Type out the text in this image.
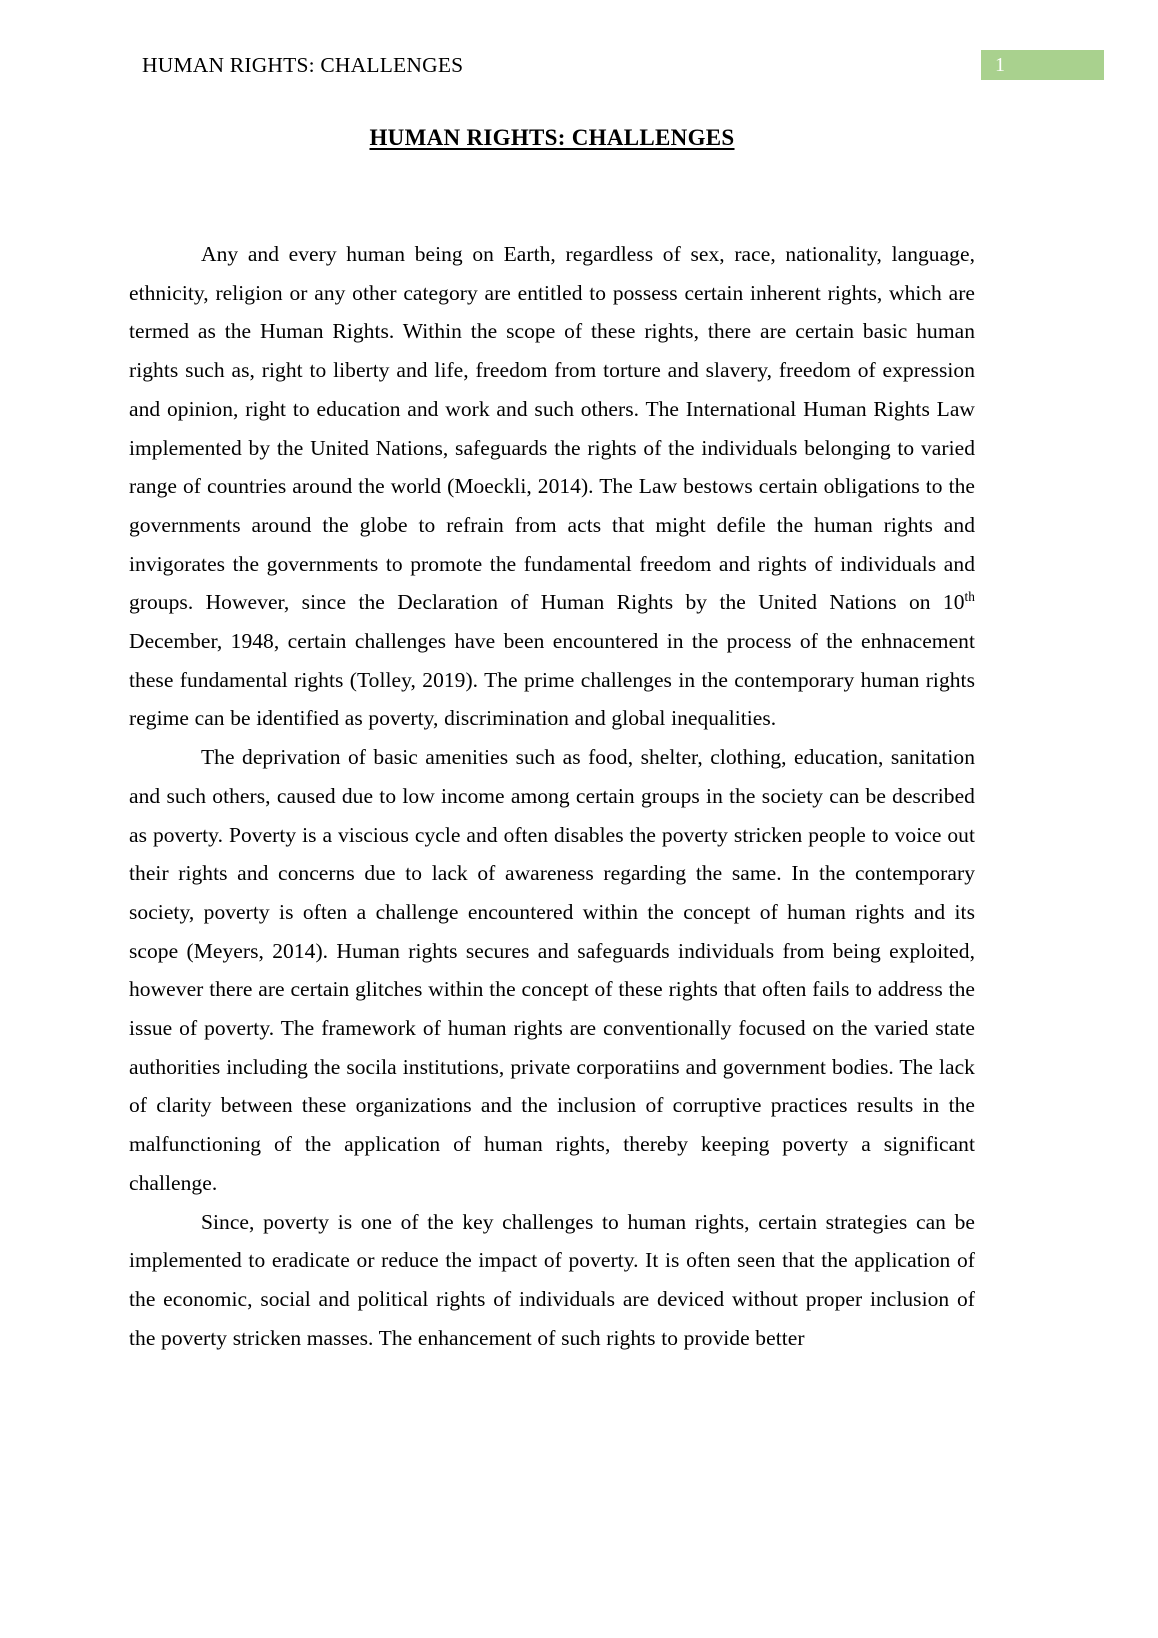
HUMAN RIGHTS: CHALLENGES	1
HUMAN RIGHTS: CHALLENGES

Any and every human being on Earth, regardless of sex, race, nationality, language, ethnicity, religion or any other category are entitled to possess certain inherent rights, which are termed as the Human Rights. Within the scope of these rights, there are certain basic human rights such as, right to liberty and life, freedom from torture and slavery, freedom of expression and opinion, right to education and work and such others. The International Human Rights Law implemented by the United Nations, safeguards the rights of the individuals belonging to varied range of countries around the world (Moeckli, 2014). The Law bestows certain obligations to the governments around the globe to refrain from acts that might defile the human rights and invigorates the governments to promote the fundamental freedom and rights of individuals and groups. However, since the Declaration of Human Rights by the United Nations on 10th December, 1948, certain challenges have been encountered in the process of the enhnacement these fundamental rights (Tolley, 2019). The prime challenges in the contemporary human rights regime can be identified as poverty, discrimination and global inequalities.

The deprivation of basic amenities such as food, shelter, clothing, education, sanitation and such others, caused due to low income among certain groups in the society can be described as poverty. Poverty is a viscious cycle and often disables the poverty stricken people to voice out their rights and concerns due to lack of awareness regarding the same. In the contemporary society, poverty is often a challenge encountered within the concept of human rights and its scope (Meyers, 2014). Human rights secures and safeguards individuals from being exploited, however there are certain glitches within the concept of these rights that often fails to address the issue of poverty. The framework of human rights are conventionally focused on the varied state authorities including the socila institutions, private corporatiins and government bodies. The lack of clarity between these organizations and the inclusion of corruptive practices results in the malfunctioning of the application of human rights, thereby keeping poverty a significant challenge.

Since, poverty is one of the key challenges to human rights, certain strategies can be implemented to eradicate or reduce the impact of poverty. It is often seen that the application of the economic, social and political rights of individuals are deviced without proper inclusion of the poverty stricken masses. The enhancement of such rights to provide better
